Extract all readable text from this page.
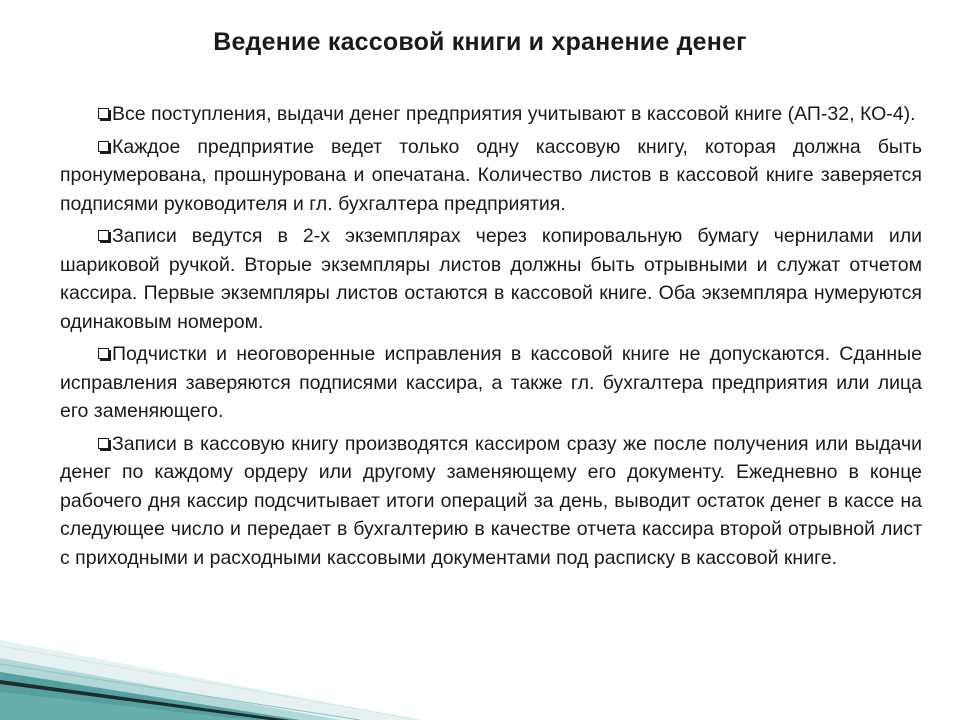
Ведение кассовой книги и хранение денег

Все поступления, выдачи денег предприятия учитывают в кассовой книге (АП-32, КО-4).

Каждое предприятие ведет только одну кассовую книгу, которая должна быть пронумерована, прошнурована и опечатана. Количество листов в кассовой книге заверяется подписями руководителя и гл. бухгалтера предприятия.

Записи ведутся в 2-х экземплярах через копировальную бумагу чернилами или шариковой ручкой. Вторые экземпляры листов должны быть отрывными и служат отчетом кассира. Первые экземпляры листов остаются в кассовой книге. Оба экземпляра нумеруются одинаковым номером.

Подчистки и неоговоренные исправления в кассовой книге не допускаются. Сданные исправления заверяются подписями кассира, а также гл. бухгалтера предприятия или лица его заменяющего.

Записи в кассовую книгу производятся кассиром сразу же после получения или выдачи денег по каждому ордеру или другому заменяющему его документу. Ежедневно в конце рабочего дня кассир подсчитывает итоги операций за день, выводит остаток денег в кассе на следующее число и передает в бухгалтерию в качестве отчета кассира второй отрывной лист с приходными и расходными кассовыми документами под расписку в кассовой книге.
